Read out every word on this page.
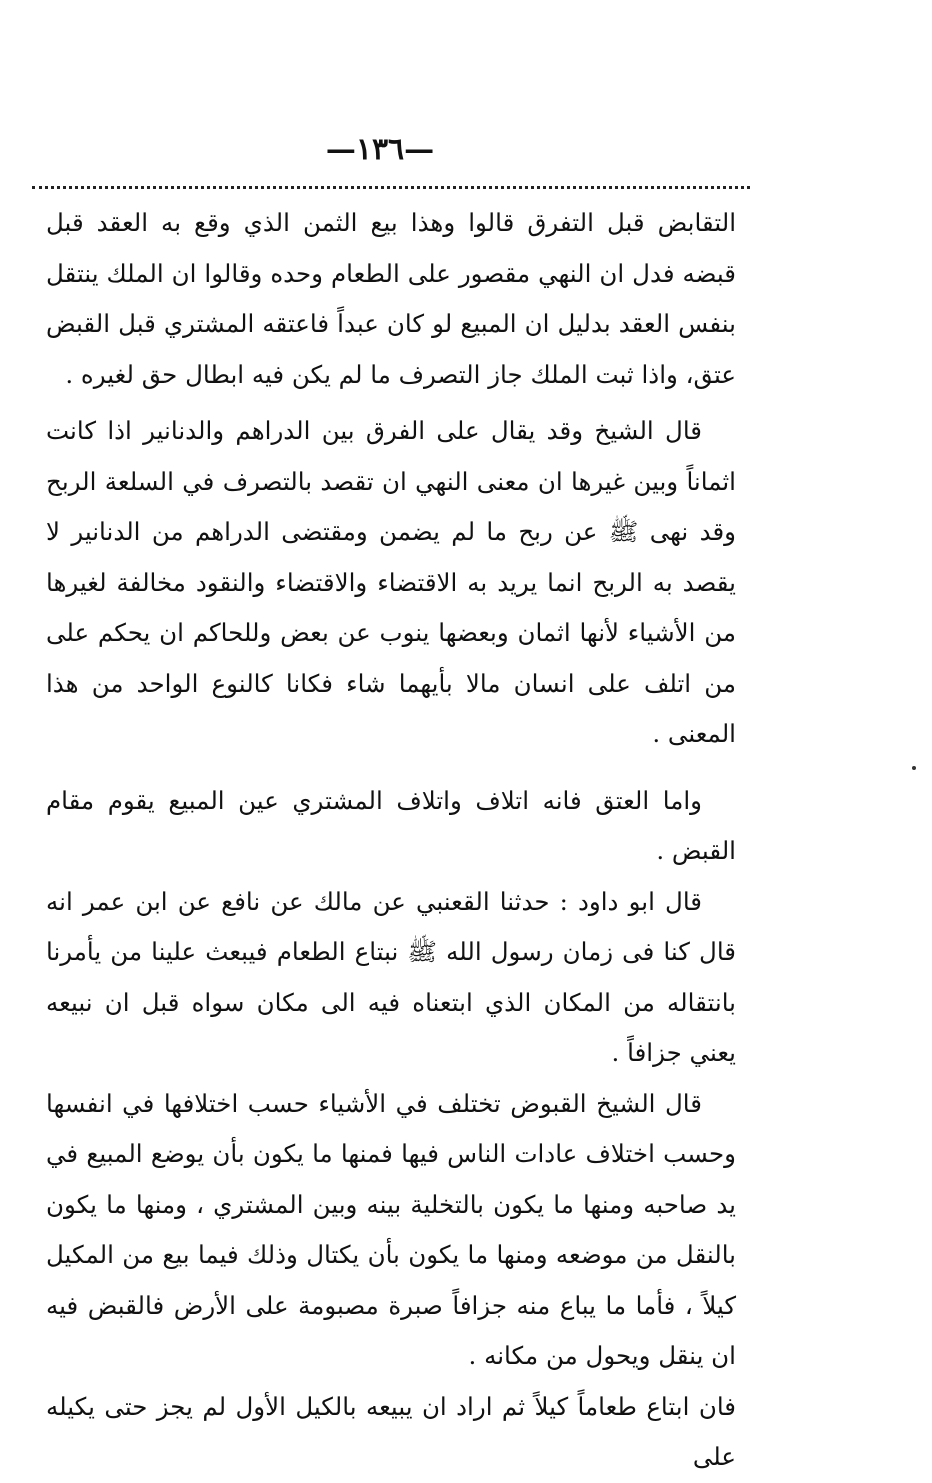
—١٣٦—

التقابض قبل التفرق قالوا وهذا بيع الثمن الذي وقع به العقد قبل قبضه فدل ان النهي مقصور على الطعام وحده وقالوا ان الملك ينتقل بنفس العقد بدليل ان المبيع لو كان عبداً فاعتقه المشتري قبل القبض عتق، واذا ثبت الملك جاز التصرف ما لم يكن فيه ابطال حق لغيره .

قال الشيخ وقد يقال على الفرق بين الدراهم والدنانير اذا كانت اثماناً وبين غيرها ان معنى النهي ان تقصد بالتصرف في السلعة الربح وقد نهى ﷺ عن ربح ما لم يضمن ومقتضى الدراهم من الدنانير لا يقصد به الربح انما يريد به الاقتضاء والاقتضاء والنقود مخالفة لغيرها من الأشياء لأنها اثمان وبعضها ينوب عن بعض وللحاكم ان يحكم على من اتلف على انسان مالا بأيهما شاء فكانا كالنوع الواحد من هذا المعنى .

واما العتق فانه اتلاف واتلاف المشتري عين المبيع يقوم مقام القبض .

قال ابو داود : حدثنا القعنبي عن مالك عن نافع عن ابن عمر انه قال كنا فى زمان رسول الله ﷺ نبتاع الطعام فيبعث علينا من يأمرنا بانتقاله من المكان الذي ابتعناه فيه الى مكان سواه قبل ان نبيعه يعني جزافاً .

قال الشيخ القبوض تختلف في الأشياء حسب اختلافها في انفسها وحسب اختلاف عادات الناس فيها فمنها ما يكون بأن يوضع المبيع في يد صاحبه ومنها ما يكون بالتخلية بينه وبين المشتري ، ومنها ما يكون بالنقل من موضعه ومنها ما يكون بأن يكتال وذلك فيما بيع من المكيل كيلاً ، فأما ما يباع منه جزافاً صبرة مصبومة على الأرض فالقبض فيه ان ينقل ويحول من مكانه .

فان ابتاع طعاماً كيلاً ثم اراد ان يبيعه بالكيل الأول لم يجز حتى يكيله على
